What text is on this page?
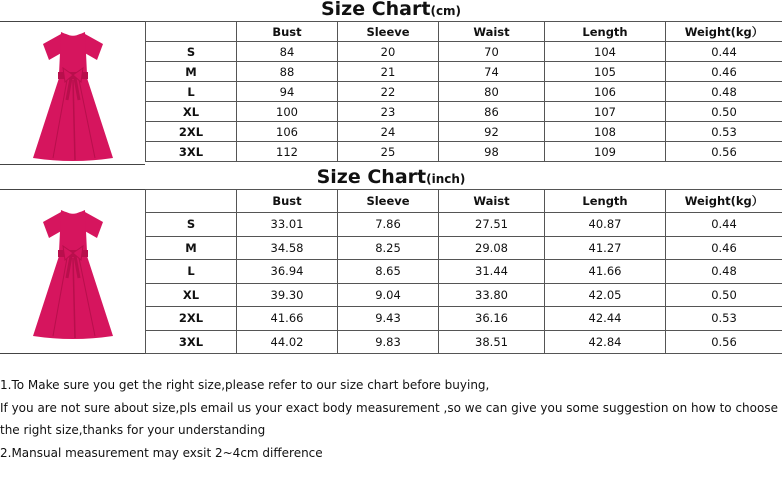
Size Chart(cm)
	Bust	Sleeve	Waist	Length	Weight(kg）
S	84	20	70	104	0.44
M	88	21	74	105	0.46
L	94	22	80	106	0.48
XL	100	23	86	107	0.50
2XL	106	24	92	108	0.53
3XL	112	25	98	109	0.56
Size Chart(inch)
	Bust	Sleeve	Waist	Length	Weight(kg）
S	33.01	7.86	27.51	40.87	0.44
M	34.58	8.25	29.08	41.27	0.46
L	36.94	8.65	31.44	41.66	0.48
XL	39.30	9.04	33.80	42.05	0.50
2XL	41.66	9.43	36.16	42.44	0.53
3XL	44.02	9.83	38.51	42.84	0.56
1.To Make sure you get the right size,please refer to our size chart before buying,
If you are not sure about size,pls email us your exact body measurement ,so we can give you some suggestion on how to choose
the right size,thanks for your understanding
2.Mansual measurement may exsit 2~4cm difference
